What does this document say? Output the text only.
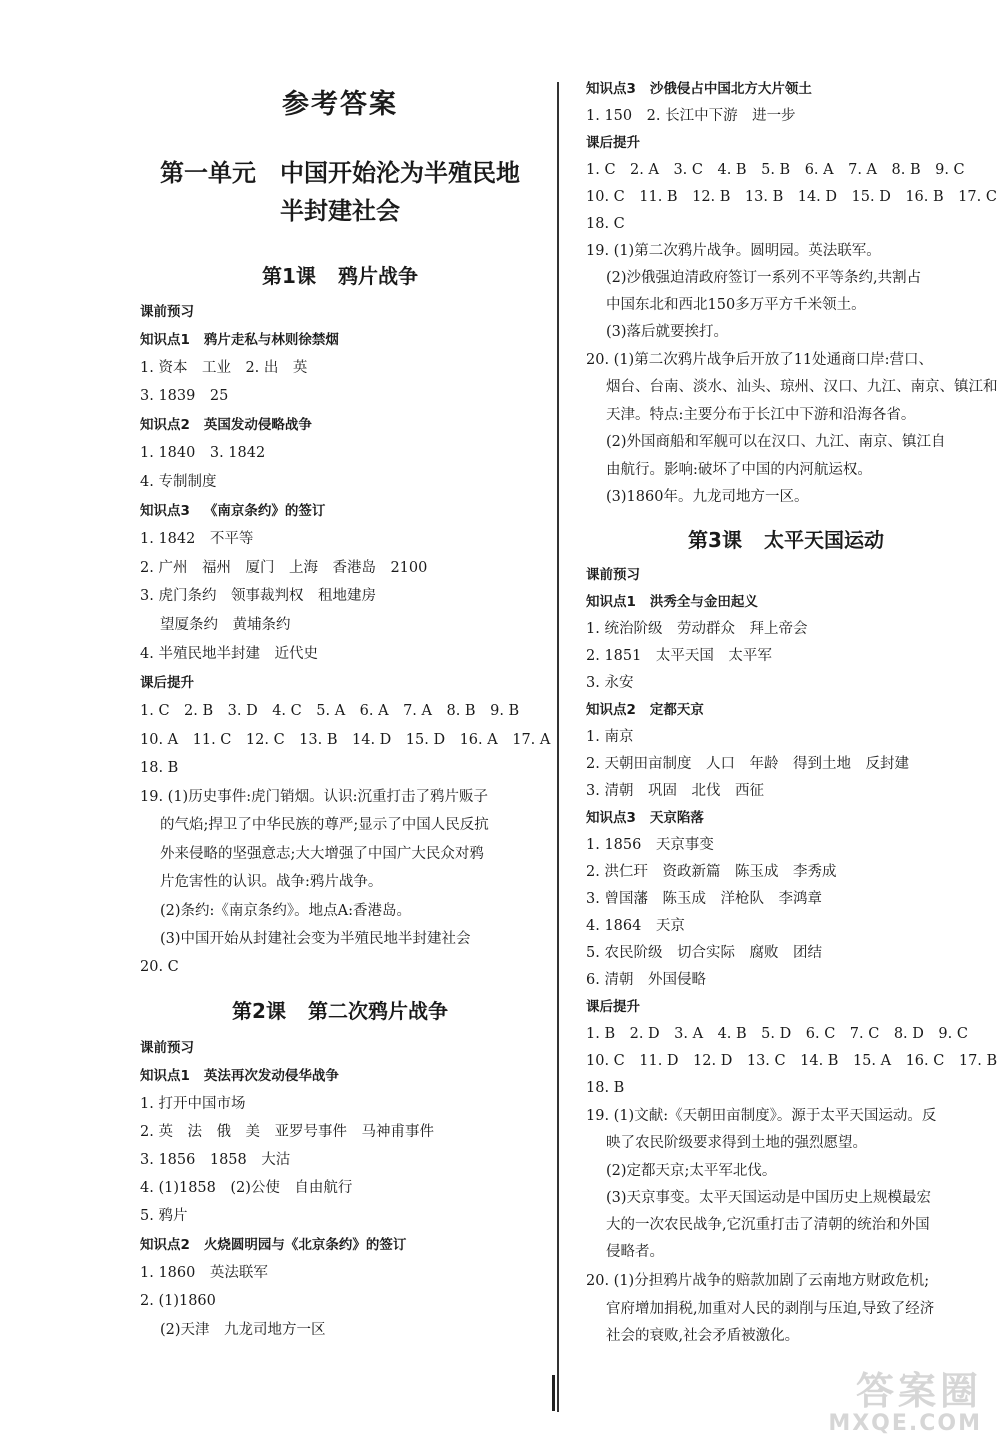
参考答案
第一单元　中国开始沦为半殖民地
半封建社会
第1课 鸦片战争
课前预习
知识点1 鸦片走私与林则徐禁烟
1. 资本　工业　2. 出　英
3. 1839　25
知识点2 英国发动侵略战争
1. 1840　3. 1842
4. 专制制度
知识点3 《南京条约》的签订
1. 1842　不平等
2. 广州　福州　厦门　上海　香港岛　2100
3. 虎门条约　领事裁判权　租地建房
望厦条约　黄埔条约
4. 半殖民地半封建　近代史
课后提升
1. C　2. B　3. D　4. C　5. A　6. A　7. A　8. B　9. B
10. A　11. C　12. C　13. B　14. D　15. D　16. A　17. A
18. B
19. (1)历史事件:虎门销烟。认识:沉重打击了鸦片贩子
的气焰;捍卫了中华民族的尊严;显示了中国人民反抗
外来侵略的坚强意志;大大增强了中国广大民众对鸦
片危害性的认识。战争:鸦片战争。
(2)条约:《南京条约》。地点A:香港岛。
(3)中国开始从封建社会变为半殖民地半封建社会
20. C
第2课 第二次鸦片战争
课前预习
知识点1 英法再次发动侵华战争
1. 打开中国市场
2. 英　法　俄　美　亚罗号事件　马神甫事件
3. 1856　1858　大沽
4. (1)1858　(2)公使　自由航行
5. 鸦片
知识点2 火烧圆明园与《北京条约》的签订
1. 1860　英法联军
2. (1)1860
(2)天津　九龙司地方一区
知识点3 沙俄侵占中国北方大片领土
1. 150　2. 长江中下游　进一步
课后提升
1. C　2. A　3. C　4. B　5. B　6. A　7. A　8. B　9. C
10. C　11. B　12. B　13. B　14. D　15. D　16. B　17. C
18. C
19. (1)第二次鸦片战争。圆明园。英法联军。
(2)沙俄强迫清政府签订一系列不平等条约,共割占
中国东北和西北150多万平方千米领土。
(3)落后就要挨打。
20. (1)第二次鸦片战争后开放了11处通商口岸:营口、
烟台、台南、淡水、汕头、琼州、汉口、九江、南京、镇江和
天津。特点:主要分布于长江中下游和沿海各省。
(2)外国商船和军舰可以在汉口、九江、南京、镇江自
由航行。影响:破坏了中国的内河航运权。
(3)1860年。九龙司地方一区。
第3课 太平天国运动
课前预习
知识点1 洪秀全与金田起义
1. 统治阶级　劳动群众　拜上帝会
2. 1851　太平天国　太平军
3. 永安
知识点2 定都天京
1. 南京
2. 天朝田亩制度　人口　年龄　得到土地　反封建
3. 清朝　巩固　北伐　西征
知识点3 天京陷落
1. 1856　天京事变
2. 洪仁玕　资政新篇　陈玉成　李秀成
3. 曾国藩　陈玉成　洋枪队　李鸿章
4. 1864　天京
5. 农民阶级　切合实际　腐败　团结
6. 清朝　外国侵略
课后提升
1. B　2. D　3. A　4. B　5. D　6. C　7. C　8. D　9. C
10. C　11. D　12. D　13. C　14. B　15. A　16. C　17. B
18. B
19. (1)文献:《天朝田亩制度》。源于太平天国运动。反
映了农民阶级要求得到土地的强烈愿望。
(2)定都天京;太平军北伐。
(3)天京事变。太平天国运动是中国历史上规模最宏
大的一次农民战争,它沉重打击了清朝的统治和外国
侵略者。
20. (1)分担鸦片战争的赔款加剧了云南地方财政危机;
官府增加捐税,加重对人民的剥削与压迫,导致了经济
社会的衰败,社会矛盾被激化。
答案圈
MXQE.COM
